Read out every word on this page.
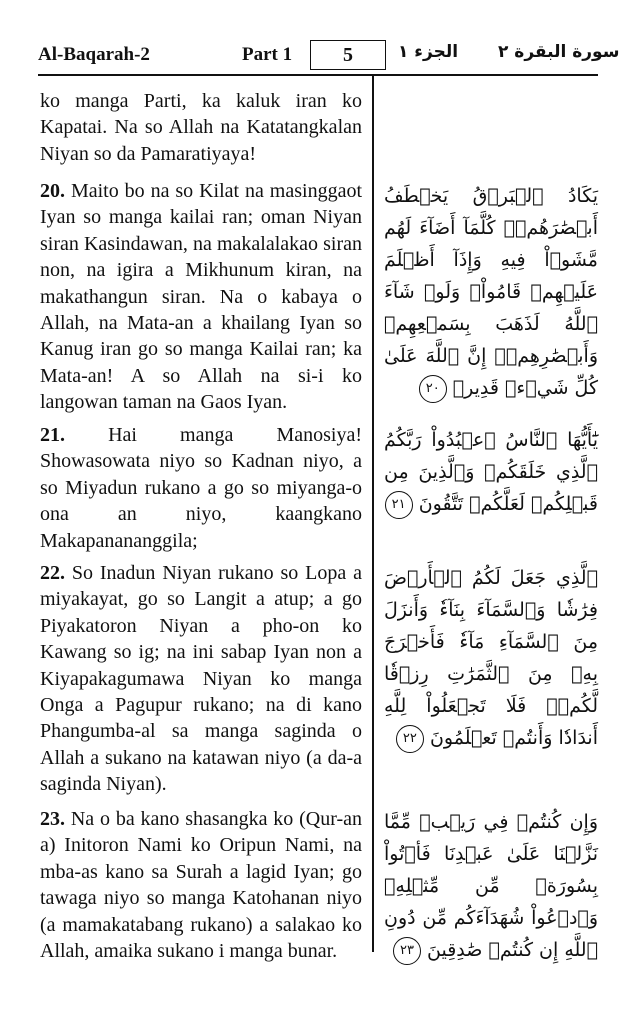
Al-Baqarah-2	Part 1	5	الجزء ١ سورة البقرة ٢

ko manga Parti, ka kaluk iran ko Kapatai. Na so Allah na Katatangkalan Niyan so da Pamaratiyaya!

20. Maito bo na so Kilat na masinggaot Iyan so manga kailai ran; oman Niyan siran Kasindawan, na makalalakao siran non, na igira a Mikhunum kiran, na makathangun siran. Na o kabaya o Allah, na Mata-an a khailang Iyan so Kanug iran go so manga Kailai ran; ka Mata-an! A so Allah na si-i ko langowan taman na Gaos Iyan.

يَكَادُ ٱلۡبَرۡقُ يَخۡطَفُ أَبۡصَٰرَهُمۡۖ كُلَّمَآ أَضَآءَ لَهُم مَّشَوۡاْ فِيهِ وَإِذَآ أَظۡلَمَ عَلَيۡهِمۡ قَامُواْۚ وَلَوۡ شَآءَ ٱللَّهُ لَذَهَبَ بِسَمۡعِهِمۡ وَأَبۡصَٰرِهِمۡۚ إِنَّ ٱللَّهَ عَلَىٰ كُلِّ شَيۡءٖ قَدِيرٞ ٢٠

21. Hai manga Manosiya! Showasowata niyo so Kadnan niyo, a so Miyadun rukano a go so miyanga-o ona an niyo, kaangkano Makapanananggila;

يَٰٓأَيُّهَا ٱلنَّاسُ ٱعۡبُدُواْ رَبَّكُمُ ٱلَّذِي خَلَقَكُمۡ وَٱلَّذِينَ مِن قَبۡلِكُمۡ لَعَلَّكُمۡ تَتَّقُونَ ٢١

22. So Inadun Niyan rukano so Lopa a miyakayat, go so Langit a atup; a go Piyakatoron Niyan a pho-on ko Kawang so ig; na ini sabap Iyan non a Kiyapakagumawa Niyan ko manga Onga a Pagupur rukano; na di kano Phangumba-al sa manga saginda o Allah a sukano na katawan niyo (a da-a saginda Niyan).

ٱلَّذِي جَعَلَ لَكُمُ ٱلۡأَرۡضَ فِرَٰشٗا وَٱلسَّمَآءَ بِنَآءٗ وَأَنزَلَ مِنَ ٱلسَّمَآءِ مَآءٗ فَأَخۡرَجَ بِهِۦ مِنَ ٱلثَّمَرَٰتِ رِزۡقٗا لَّكُمۡۖ فَلَا تَجۡعَلُواْ لِلَّهِ أَندَادٗا وَأَنتُمۡ تَعۡلَمُونَ ٢٢

23. Na o ba kano shasangka ko (Qur-an a) Initoron Nami ko Oripun Nami, na mba-as kano sa Surah a lagid Iyan; go tawaga niyo so manga Katohanan niyo (a mamakatabang rukano) a salakao ko Allah, amaika sukano i manga bunar.

وَإِن كُنتُمۡ فِي رَيۡبٖ مِّمَّا نَزَّلۡنَا عَلَىٰ عَبۡدِنَا فَأۡتُواْ بِسُورَةٖ مِّن مِّثۡلِهِۦ وَٱدۡعُواْ شُهَدَآءَكُم مِّن دُونِ ٱللَّهِ إِن كُنتُمۡ صَٰدِقِينَ ٢٣
